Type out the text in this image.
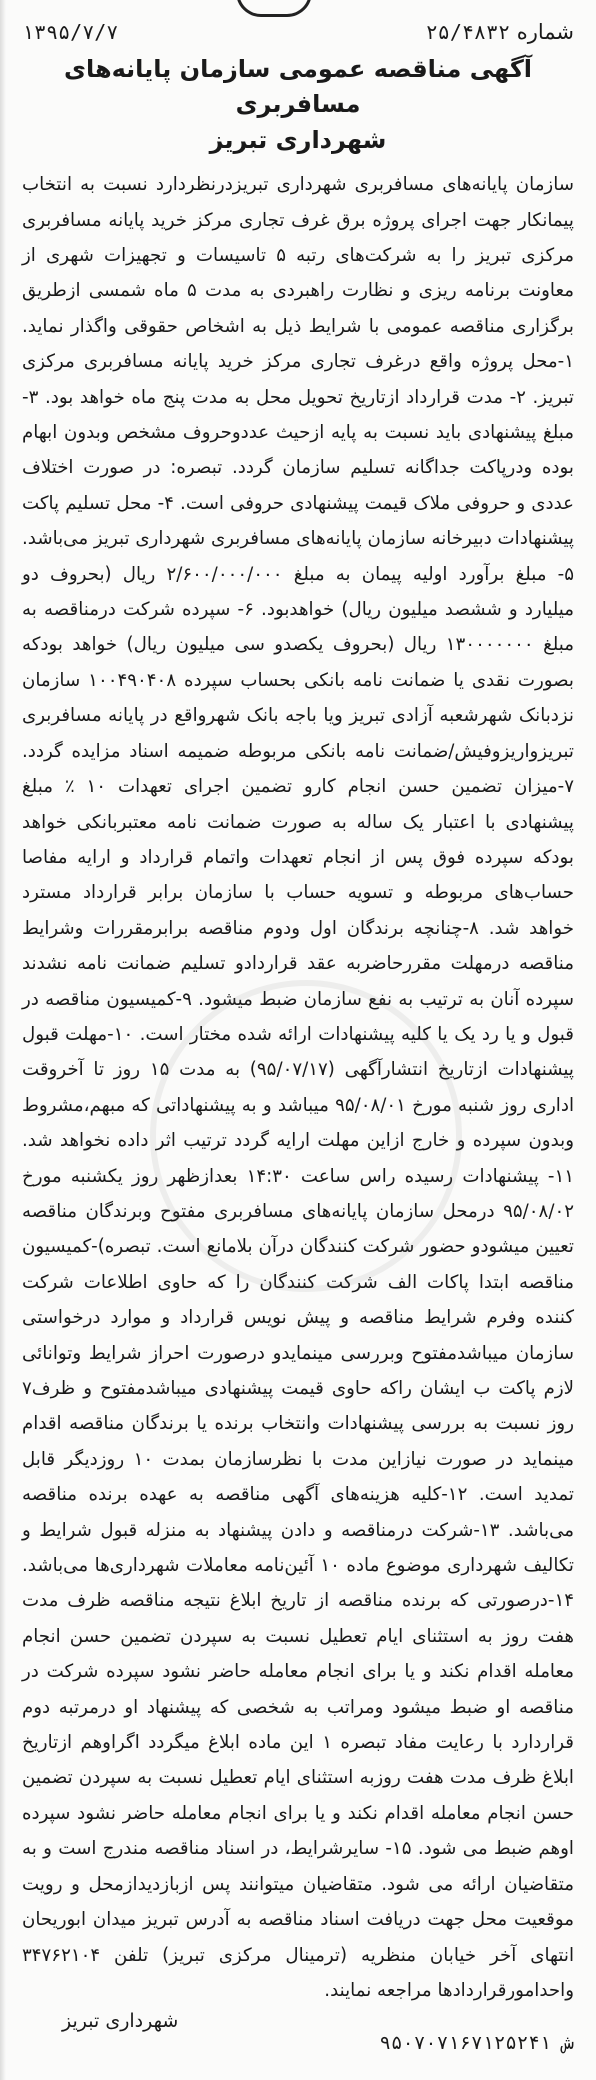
شماره ۲۵/۴۸۳۲
۱۳۹۵/۷/۷
آگهی مناقصه عمومی سازمان پایانه‌های مسافربری
شهرداری تبریز

سازمان پایانه‌های مسافربری شهرداری تبریزدرنظردارد نسبت به انتخاب پیمانکار جهت اجرای پروژه برق غرف تجاری مرکز خرید پایانه مسافربری مرکزی تبریز را به شرکت‌های رتبه ۵ تاسیسات و تجهیزات شهری از معاونت برنامه ریزی و نظارت راهبردی به مدت ۵ ماه شمسی ازطریق برگزاری مناقصه عمومی با شرایط ذیل به اشخاص حقوقی واگذار نماید. ۱-محل پروژه واقع درغرف تجاری مرکز خرید پایانه مسافربری مرکزی تبریز. ۲- مدت قرارداد ازتاریخ تحویل محل به مدت پنج ماه خواهد بود. ۳- مبلغ پیشنهادی باید نسبت به پایه ازحیث عددوحروف مشخص وبدون ابهام بوده ودرپاکت جداگانه تسلیم سازمان گردد. تبصره: در صورت اختلاف عددی و حروفی ملاک قیمت پیشنهادی حروفی است. ۴- محل تسلیم پاکت پیشنهادات دبیرخانه سازمان پایانه‌های مسافربری شهرداری تبریز می‌باشد. ۵- مبلغ برآورد اولیه پیمان به مبلغ ۲/۶۰۰/۰۰۰/۰۰۰ ریال (بحروف دو میلیارد و ششصد میلیون ریال) خواهدبود. ۶- سپرده شرکت درمناقصه به مبلغ ۱۳۰۰۰۰۰۰۰ ریال (بحروف یکصدو سی میلیون ریال) خواهد بودکه بصورت نقدی یا ضمانت نامه بانکی بحساب سپرده ۱۰۰۴۹۰۴۰۸ سازمان نزدبانک شهرشعبه آزادی تبریز ویا باجه بانک شهرواقع در پایانه مسافربری تبریزواریزوفیش/ضمانت نامه بانکی مربوطه ضمیمه اسناد مزایده گردد. ۷-میزان تضمین حسن انجام کارو تضمین اجرای تعهدات ۱۰ ٪ مبلغ پیشنهادی با اعتبار یک ساله به صورت ضمانت نامه معتبربانکی خواهد بودکه سپرده فوق پس از انجام تعهدات واتمام قرارداد و ارایه مفاصا حساب‌های مربوطه و تسویه حساب با سازمان برابر قرارداد مسترد خواهد شد. ۸-چنانچه برندگان اول ودوم مناقصه برابرمقررات وشرایط مناقصه درمهلت مقررحاضربه عقد قراردادو تسلیم ضمانت نامه نشدند سپرده آنان به ترتیب به نفع سازمان ضبط میشود. ۹-کمیسیون مناقصه در قبول و یا رد یک یا کلیه پیشنهادات ارائه شده مختار است. ۱۰-مهلت قبول پیشنهادات ازتاریخ انتشارآگهی (۹۵/۰۷/۱۷) به مدت ۱۵ روز تا آخروقت اداری روز شنبه مورخ ۹۵/۰۸/۰۱ میباشد و به پیشنهاداتی که مبهم،مشروط وبدون سپرده و خارج ازاین مهلت ارایه گردد ترتیب اثر داده نخواهد شد. ۱۱- پیشنهادات رسیده راس ساعت ۱۴:۳۰ بعدازظهر روز یکشنبه مورخ ۹۵/۰۸/۰۲ درمحل سازمان پایانه‌های مسافربری مفتوح وبرندگان مناقصه تعیین میشودو حضور شرکت کنندگان درآن بلامانع است. تبصره)-کمیسیون مناقصه ابتدا پاکات الف شرکت کنندگان را که حاوی اطلاعات شرکت کننده وفرم شرایط مناقصه و پیش نویس قرارداد و موارد درخواستی سازمان میباشدمفتوح وبررسی مینمایدو درصورت احراز شرایط وتوانائی لازم پاکت ب ایشان راکه حاوی قیمت پیشنهادی میباشدمفتوح و ظرف۷ روز نسبت به بررسی پیشنهادات وانتخاب برنده یا برندگان مناقصه اقدام مینماید در صورت نیازاین مدت با نظرسازمان بمدت ۱۰ روزدیگر قابل تمدید است. ۱۲-کلیه هزینه‌های آگهی مناقصه به عهده برنده مناقصه می‌باشد. ۱۳-شرکت درمناقصه و دادن پیشنهاد به منزله قبول شرایط و تکالیف شهرداری موضوع ماده ۱۰ آئین‌نامه معاملات شهرداری‌ها می‌باشد. ۱۴-درصورتی که برنده مناقصه از تاریخ ابلاغ نتیجه مناقصه ظرف مدت هفت روز به استثنای ایام تعطیل نسبت به سپردن تضمین حسن انجام معامله اقدام نکند و یا برای انجام معامله حاضر نشود سپرده شرکت در مناقصه او ضبط میشود ومراتب به شخصی که پیشنهاد او درمرتبه دوم قراردارد با رعایت مفاد تبصره ۱ این ماده ابلاغ میگردد اگراوهم ازتاریخ ابلاغ ظرف مدت هفت روزبه استثنای ایام تعطیل نسبت به سپردن تضمین حسن انجام معامله اقدام نکند و یا برای انجام معامله حاضر نشود سپرده اوهم ضبط می شود. ۱۵- سایرشرایط، در اسناد مناقصه مندرج است و به متقاضیان ارائه می شود. متقاضیان میتوانند پس ازبازدیدازمحل و رویت موقعیت محل جهت دریافت اسناد مناقصه به آدرس تبریز میدان ابوریحان انتهای آخر خیابان منظریه (ترمینال مرکزی تبریز) تلفن ۳۴۷۶۲۱۰۴ واحدامورقراردادها مراجعه نمایند.

شهرداری تبریز
ش ۹۵۰۷۰۷۱۶۷۱۲۵۲۴۱
